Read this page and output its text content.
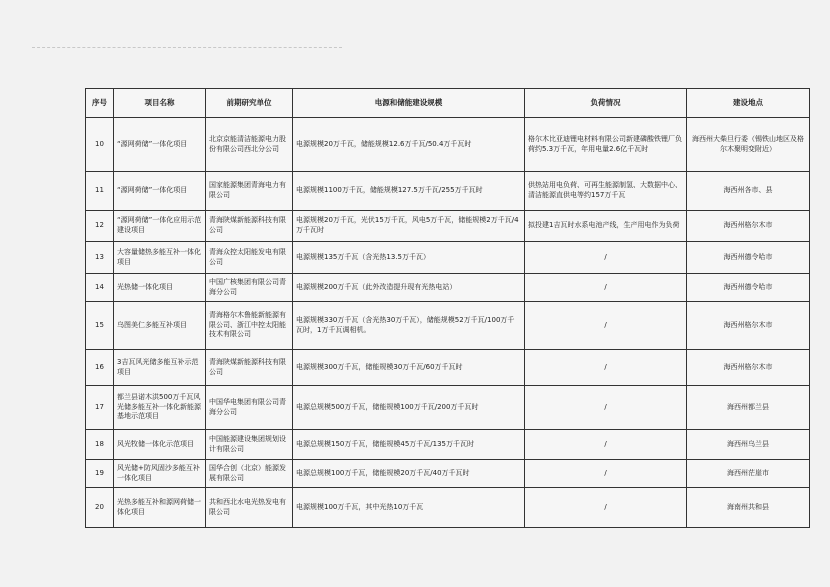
序号	项目名称	前期研究单位	电源和储能建设规模	负荷情况	建设地点
10	“源网荷储”一体化项目	北京京能清洁能源电力股份有限公司西北分公司	电源规模20万千瓦，储能规模12.6万千瓦/50.4万千瓦时	格尔木比亚迪锂电材料有限公司新建磷酸铁锂厂负荷约5.3万千瓦，年用电量2.6亿千瓦时	海西州大柴旦行委（锡铁山地区及格尔木聚明变附近）
11	“源网荷储”一体化项目	国家能源集团青海电力有限公司	电源规模1100万千瓦，储能规模127.5万千瓦/255万千瓦时	供热站用电负荷、可再生能源制氢、大数据中心、清洁能源直供电等约157万千瓦	海西州各市、县
12	“源网荷储”一体化应用示范建设项目	青海陕煤新能源科技有限公司	电源规模20万千瓦，光伏15万千瓦，风电5万千瓦，储能规模2万千瓦/4万千瓦时	拟投建1吉瓦时水系电池产线，生产用电作为负荷	海西州格尔木市
13	大容量储热多能互补一体化项目	青海众控太阳能发电有限公司	电源规模135万千瓦（含光热13.5万千瓦）	/	海西州德令哈市
14	光热储一体化项目	中国广核集团有限公司青海分公司	电源规模200万千瓦（此外改造提升现有光热电站）	/	海西州德令哈市
15	乌图美仁多能互补项目	青海格尔木鲁能新能源有限公司、浙江中控太阳能技术有限公司	电源规模330万千瓦（含光热30万千瓦），储能规模52万千瓦/100万千瓦时，1万千瓦调相机。	/	海西州格尔木市
16	3吉瓦风光储多能互补示范项目	青海陕煤新能源科技有限公司	电源规模300万千瓦，储能规模30万千瓦/60万千瓦时	/	海西州格尔木市
17	都兰县诺木洪500万千瓦风光储多能互补一体化新能源基地示范项目	中国华电集团有限公司青海分公司	电源总规模500万千瓦，储能规模100万千瓦/200万千瓦时	/	海西州都兰县
18	风光牧储一体化示范项目	中国能源建设集团规划设计有限公司	电源总规模150万千瓦，储能规模45万千瓦/135万千瓦时	/	海西州乌兰县
19	风光储+防风固沙多能互补一体化项目	国华合创（北京）能源发展有限公司	电源总规模100万千瓦，储能规模20万千瓦/40万千瓦时	/	海西州茫崖市
20	光热多能互补和源网荷储一体化项目	共和西北水电光热发电有限公司	电源规模100万千瓦，其中光热10万千瓦	/	海南州共和县
